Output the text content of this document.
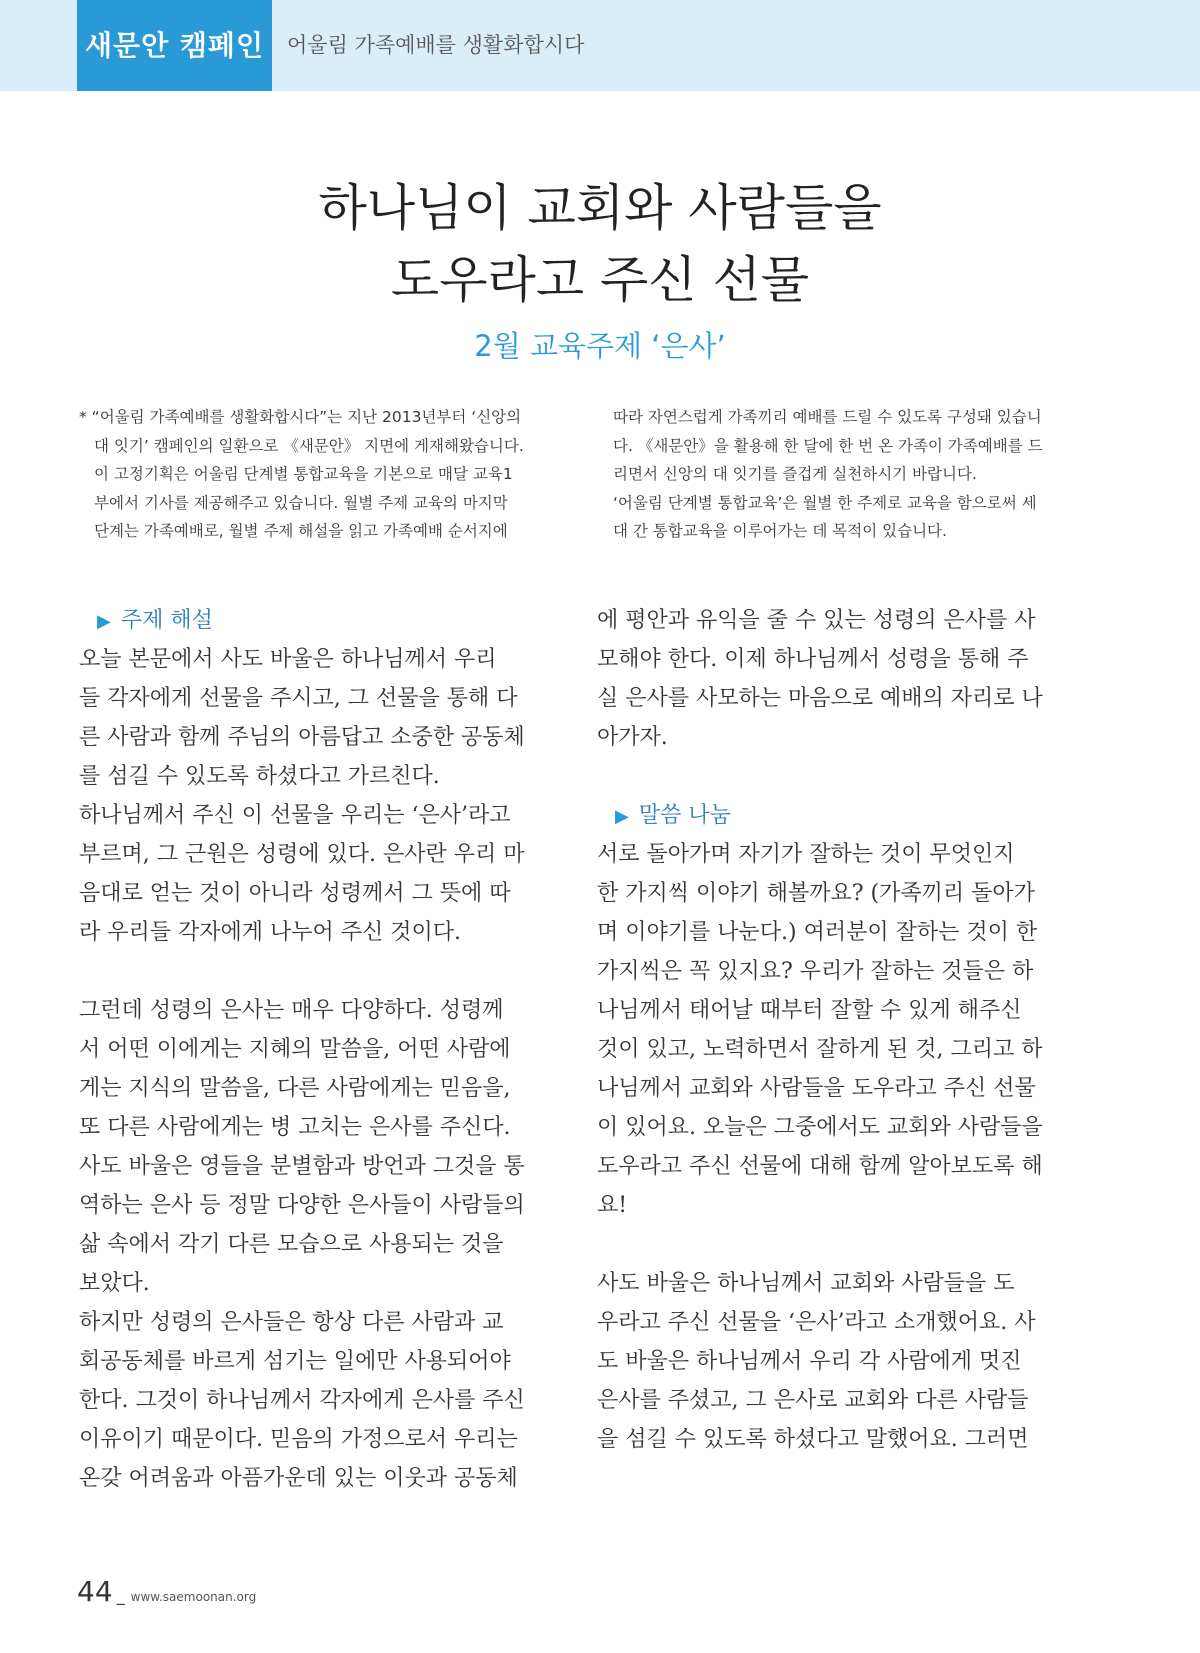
새문안 캠페인	어울림 가족예배를 생활화합시다
하나님이 교회와 사람들을
도우라고 주신 선물
2월 교육주제 ‘은사’
* “어울림 가족예배를 생활화합시다”는 지난 2013년부터 ‘신앙의
대 잇기’ 캠페인의 일환으로 《새문안》 지면에 게재해왔습니다.
이 고정기획은 어울림 단계별 통합교육을 기본으로 매달 교육1
부에서 기사를 제공해주고 있습니다. 월별 주제 교육의 마지막
단계는 가족예배로, 월별 주제 해설을 읽고 가족예배 순서지에
따라 자연스럽게 가족끼리 예배를 드릴 수 있도록 구성돼 있습니
다. 《새문안》을 활용해 한 달에 한 번 온 가족이 가족예배를 드
리면서 신앙의 대 잇기를 즐겁게 실천하시기 바랍니다.
‘어울림 단계별 통합교육’은 월별 한 주제로 교육을 함으로써 세
대 간 통합교육을 이루어가는 데 목적이 있습니다.
▶ 주제 해설
오늘 본문에서 사도 바울은 하나님께서 우리
들 각자에게 선물을 주시고, 그 선물을 통해 다
른 사람과 함께 주님의 아름답고 소중한 공동체
를 섬길 수 있도록 하셨다고 가르친다.
하나님께서 주신 이 선물을 우리는 ‘은사’라고
부르며, 그 근원은 성령에 있다. 은사란 우리 마
음대로 얻는 것이 아니라 성령께서 그 뜻에 따
라 우리들 각자에게 나누어 주신 것이다.
그런데 성령의 은사는 매우 다양하다. 성령께
서 어떤 이에게는 지혜의 말씀을, 어떤 사람에
게는 지식의 말씀을, 다른 사람에게는 믿음을,
또 다른 사람에게는 병 고치는 은사를 주신다.
사도 바울은 영들을 분별함과 방언과 그것을 통
역하는 은사 등 정말 다양한 은사들이 사람들의
삶 속에서 각기 다른 모습으로 사용되는 것을
보았다.
하지만 성령의 은사들은 항상 다른 사람과 교
회공동체를 바르게 섬기는 일에만 사용되어야
한다. 그것이 하나님께서 각자에게 은사를 주신
이유이기 때문이다. 믿음의 가정으로서 우리는
온갖 어려움과 아픔가운데 있는 이웃과 공동체
에 평안과 유익을 줄 수 있는 성령의 은사를 사
모해야 한다. 이제 하나님께서 성령을 통해 주
실 은사를 사모하는 마음으로 예배의 자리로 나
아가자.
▶ 말씀 나눔
서로 돌아가며 자기가 잘하는 것이 무엇인지
한 가지씩 이야기 해볼까요? (가족끼리 돌아가
며 이야기를 나눈다.) 여러분이 잘하는 것이 한
가지씩은 꼭 있지요? 우리가 잘하는 것들은 하
나님께서 태어날 때부터 잘할 수 있게 해주신
것이 있고, 노력하면서 잘하게 된 것, 그리고 하
나님께서 교회와 사람들을 도우라고 주신 선물
이 있어요. 오늘은 그중에서도 교회와 사람들을
도우라고 주신 선물에 대해 함께 알아보도록 해
요!
사도 바울은 하나님께서 교회와 사람들을 도
우라고 주신 선물을 ‘은사’라고 소개했어요. 사
도 바울은 하나님께서 우리 각 사람에게 멋진
은사를 주셨고, 그 은사로 교회와 다른 사람들
을 섬길 수 있도록 하셨다고 말했어요. 그러면
44 _ www.saemoonan.org
